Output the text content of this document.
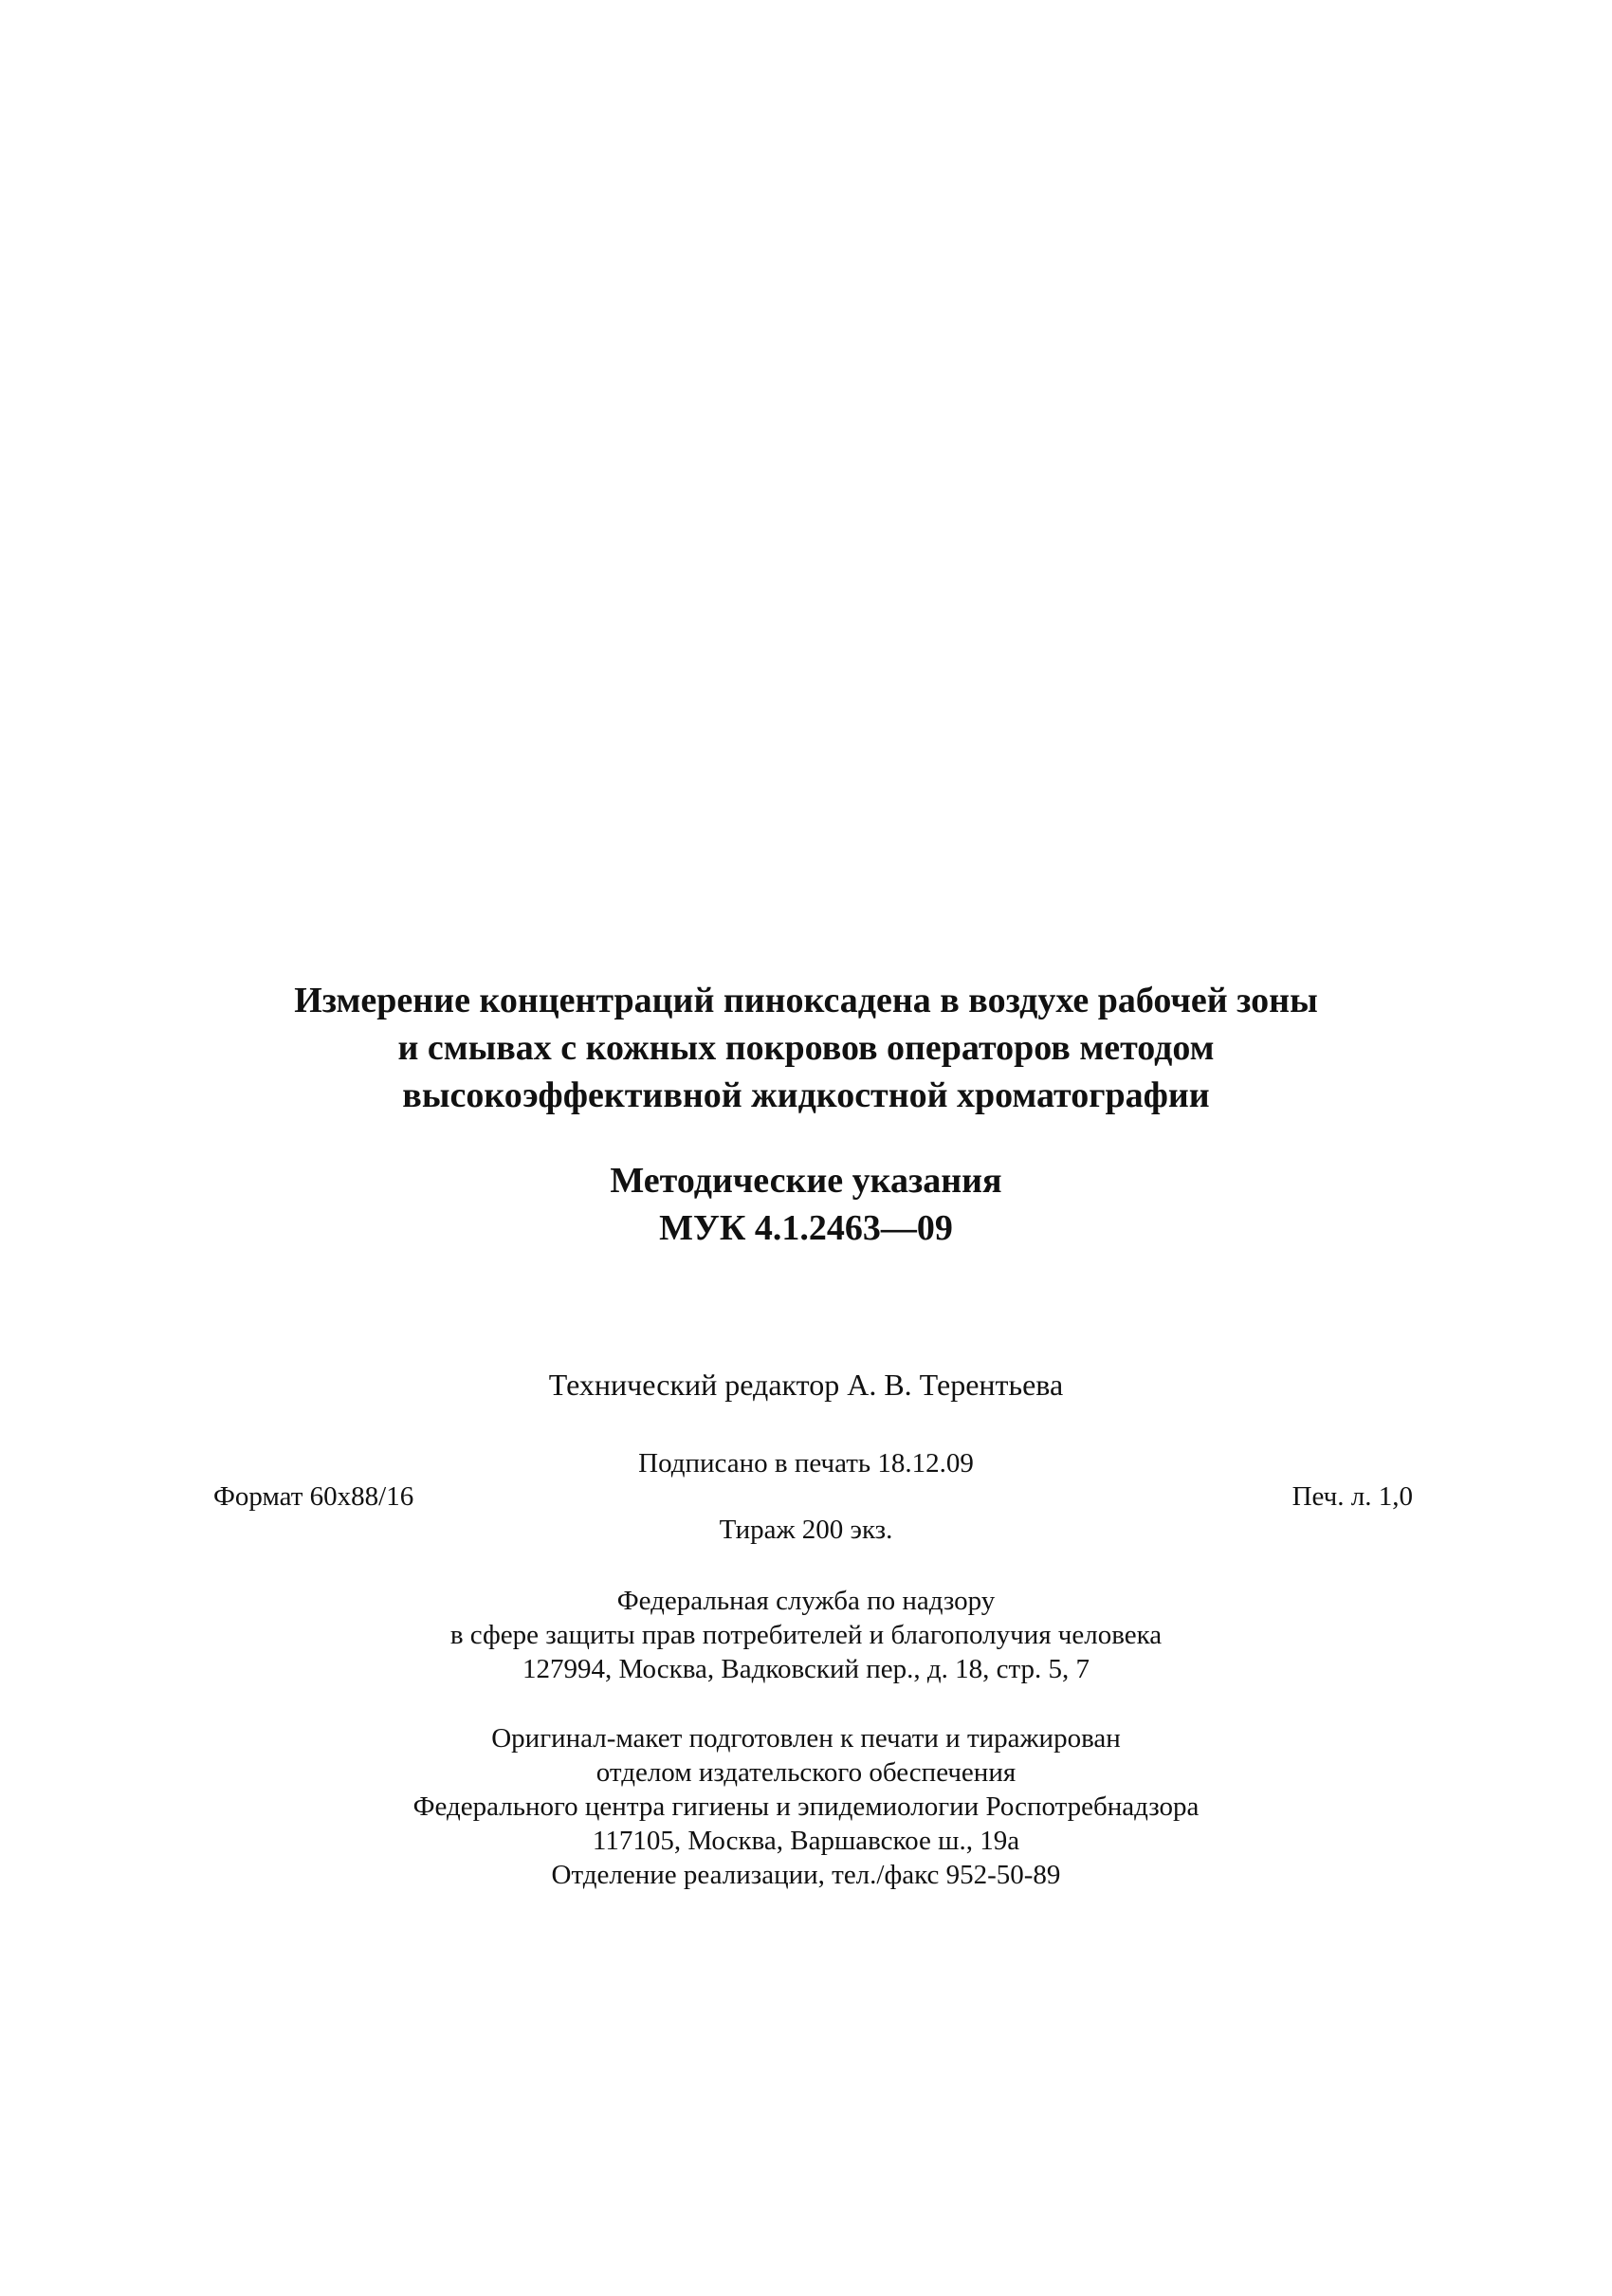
Измерение концентраций пиноксадена в воздухе рабочей зоны
и смывах с кожных покровов операторов методом
высокоэффективной жидкостной хроматографии
Методические указания
МУК 4.1.2463—09
Технический редактор А. В. Терентьева
Подписано в печать 18.12.09
Формат 60x88/16	Печ. л. 1,0
Тираж 200 экз.
Федеральная служба по надзору
в сфере защиты прав потребителей и благополучия человека
127994, Москва, Вадковский пер., д. 18, стр. 5, 7
Оригинал-макет подготовлен к печати и тиражирован
отделом издательского обеспечения
Федерального центра гигиены и эпидемиологии Роспотребнадзора
117105, Москва, Варшавское ш., 19а
Отделение реализации, тел./факс 952-50-89
